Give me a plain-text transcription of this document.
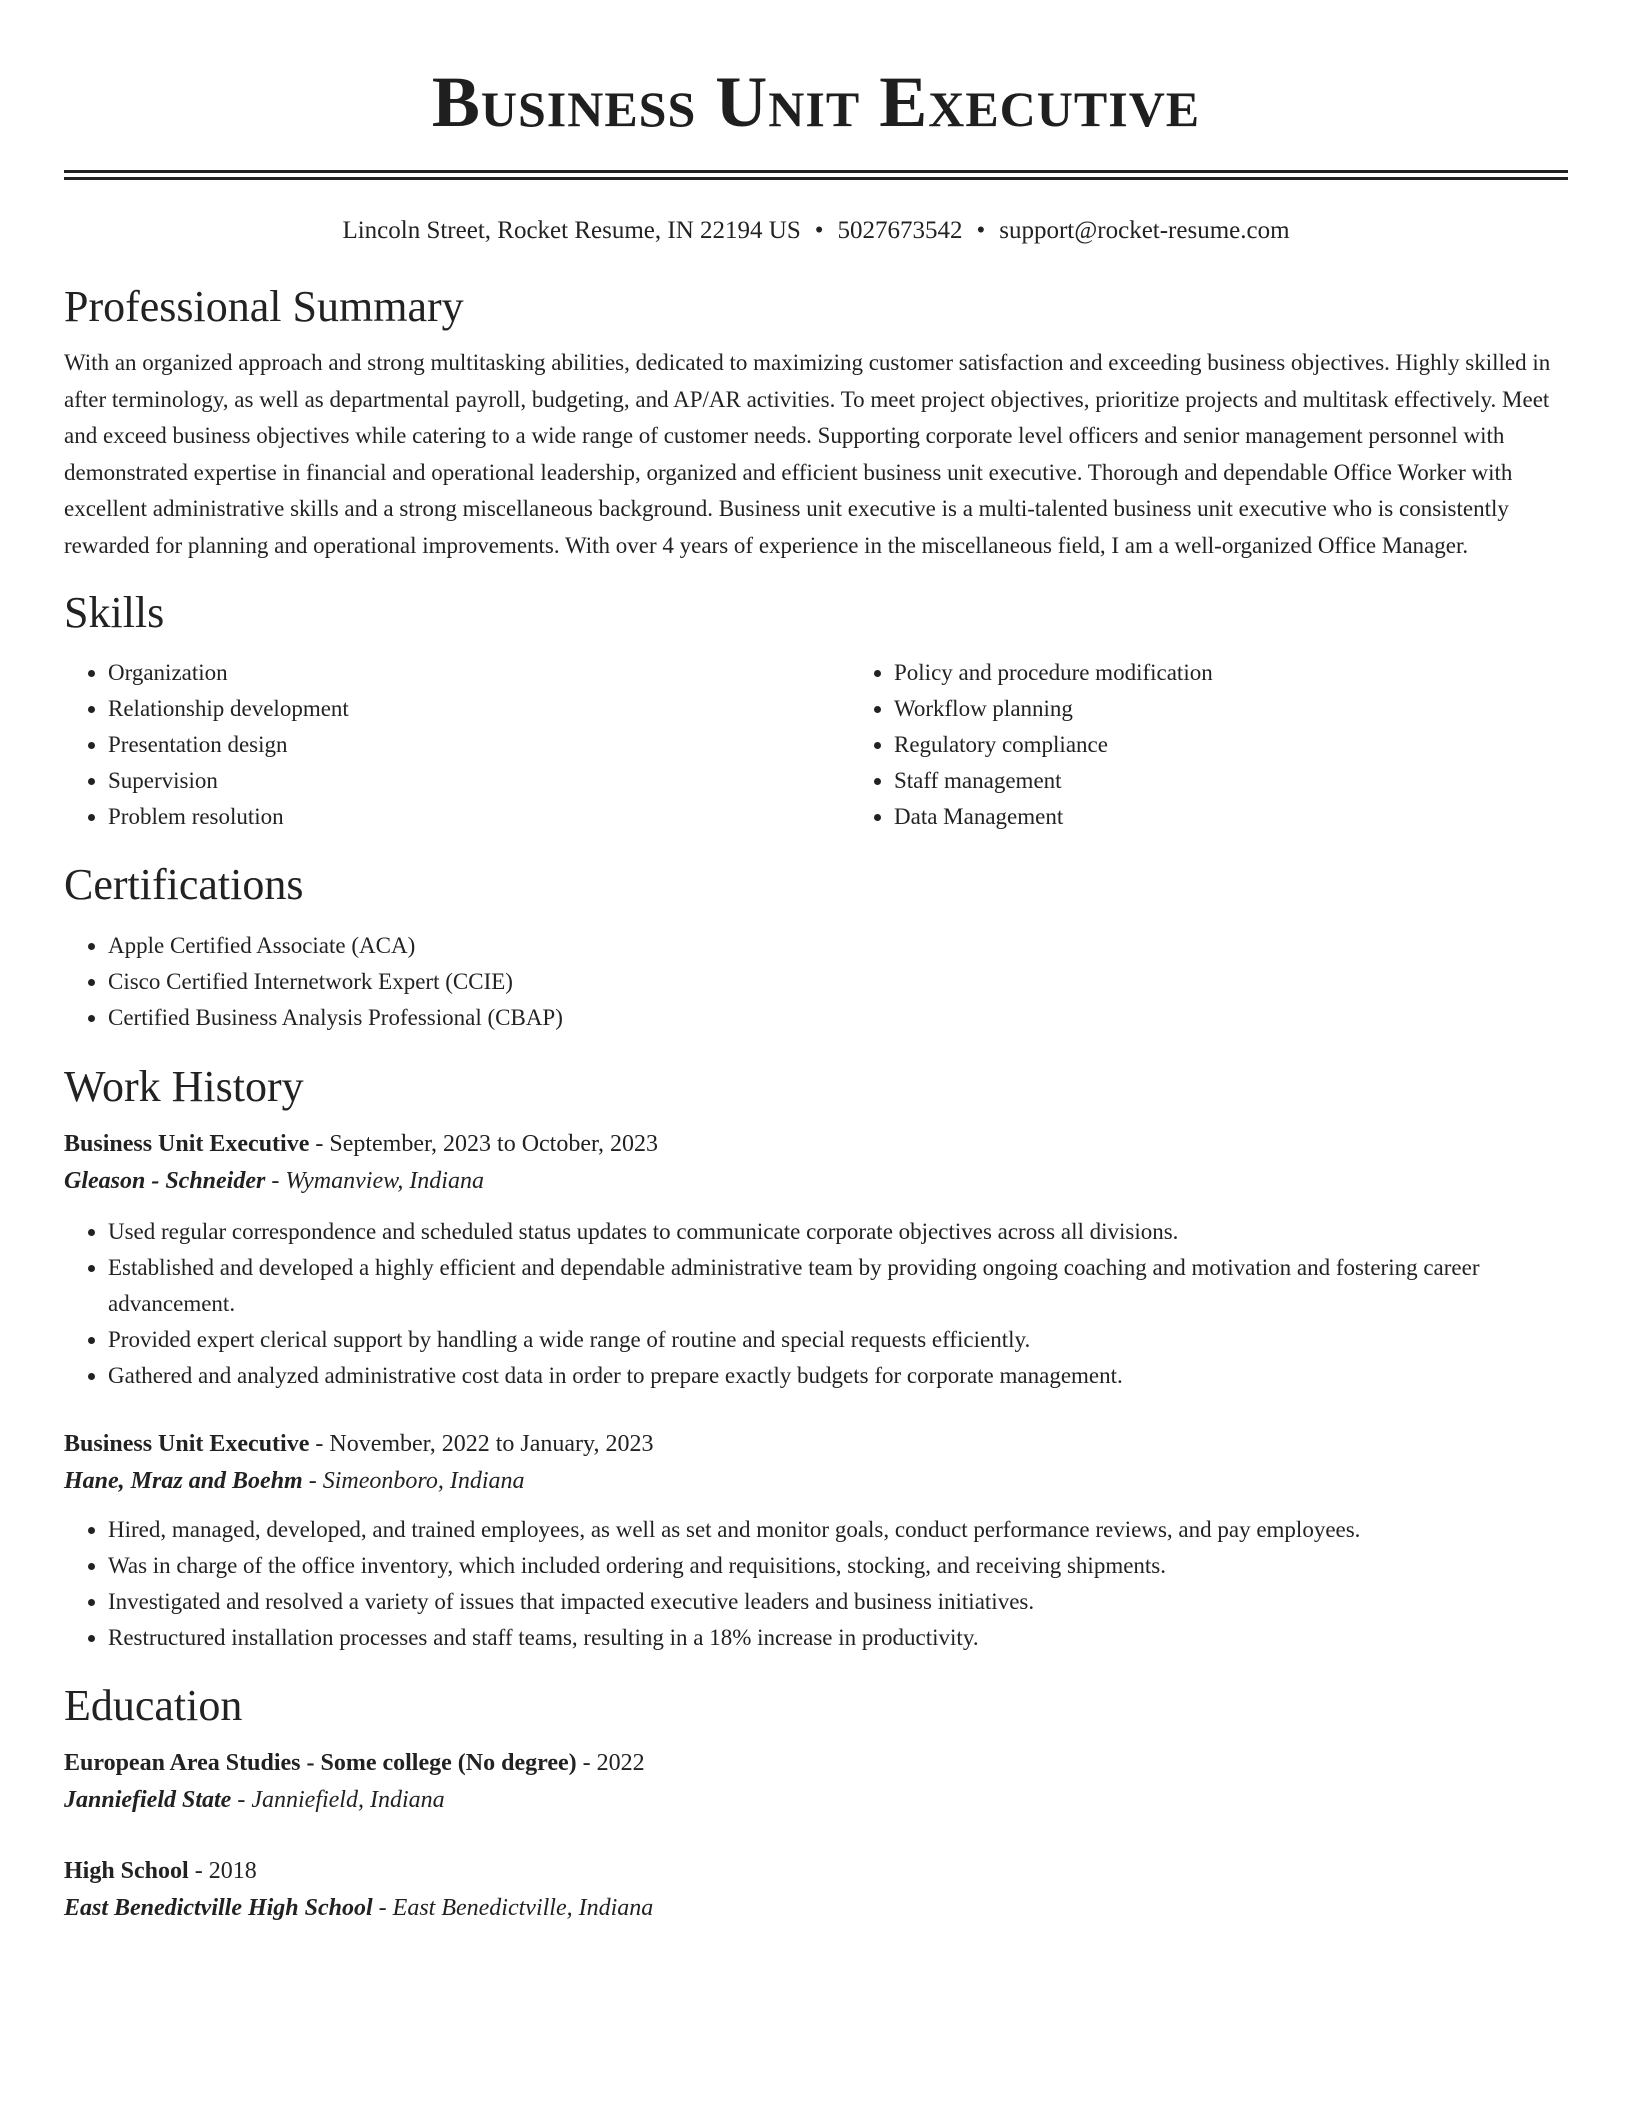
Business Unit Executive
Lincoln Street, Rocket Resume, IN 22194 US • 5027673542 • support@rocket-resume.com
Professional Summary

With an organized approach and strong multitasking abilities, dedicated to maximizing customer satisfaction and exceeding business objectives. Highly skilled in after terminology, as well as departmental payroll, budgeting, and AP/AR activities. To meet project objectives, prioritize projects and multitask effectively. Meet and exceed business objectives while catering to a wide range of customer needs. Supporting corporate level officers and senior management personnel with demonstrated expertise in financial and operational leadership, organized and efficient business unit executive. Thorough and dependable Office Worker with excellent administrative skills and a strong miscellaneous background. Business unit executive is a multi-talented business unit executive who is consistently rewarded for planning and operational improvements. With over 4 years of experience in the miscellaneous field, I am a well-organized Office Manager.

Skills
• Organization
• Relationship development
• Presentation design
• Supervision
• Problem resolution
• Policy and procedure modification
• Workflow planning
• Regulatory compliance
• Staff management
• Data Management
Certifications
• Apple Certified Associate (ACA)
• Cisco Certified Internetwork Expert (CCIE)
• Certified Business Analysis Professional (CBAP)
Work History

Business Unit Executive - September, 2023 to October, 2023

Gleason - Schneider - Wymanview, Indiana

• Used regular correspondence and scheduled status updates to communicate corporate objectives across all divisions.
• Established and developed a highly efficient and dependable administrative team by providing ongoing coaching and motivation and fostering career advancement.
• Provided expert clerical support by handling a wide range of routine and special requests efficiently.
• Gathered and analyzed administrative cost data in order to prepare exactly budgets for corporate management.

Business Unit Executive - November, 2022 to January, 2023

Hane, Mraz and Boehm - Simeonboro, Indiana

• Hired, managed, developed, and trained employees, as well as set and monitor goals, conduct performance reviews, and pay employees.
• Was in charge of the office inventory, which included ordering and requisitions, stocking, and receiving shipments.
• Investigated and resolved a variety of issues that impacted executive leaders and business initiatives.
• Restructured installation processes and staff teams, resulting in a 18% increase in productivity.
Education

European Area Studies - Some college (No degree) - 2022

Janniefield State - Janniefield, Indiana

High School - 2018

East Benedictville High School - East Benedictville, Indiana
